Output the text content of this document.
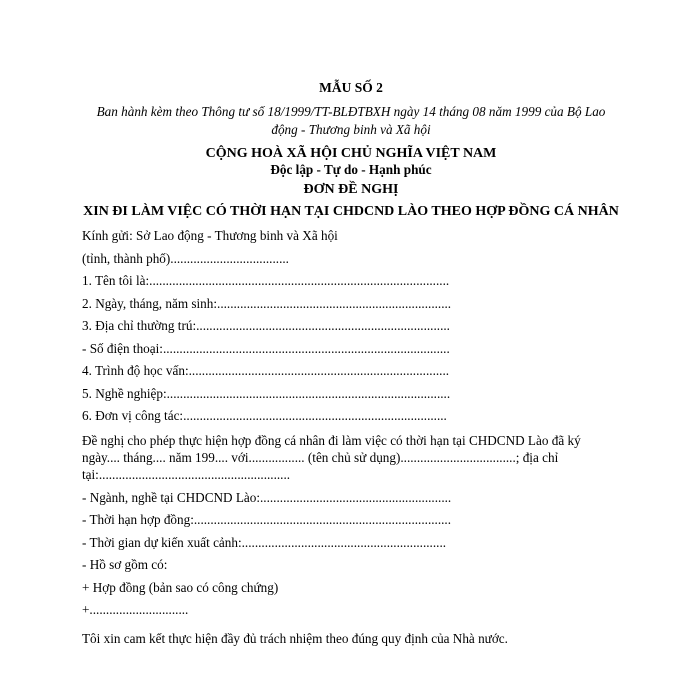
MẪU SỐ 2
Ban hành kèm theo Thông tư số 18/1999/TT-BLĐTBXH ngày 14 tháng 08 năm 1999 của Bộ Lao động - Thương binh và Xã hội
CỘNG HOÀ XÃ HỘI CHỦ NGHĨA VIỆT NAM
Độc lập - Tự do - Hạnh phúc
ĐƠN ĐỀ NGHỊ
XIN ĐI LÀM VIỆC CÓ THỜI HẠN TẠI CHDCND LÀO THEO HỢP ĐỒNG CÁ NHÂN
Kính gửi: Sở Lao động - Thương binh và Xã hội
(tỉnh, thành phố)....................................
1. Tên tôi là:...........................................................................................
2. Ngày, tháng, năm sinh:.......................................................................
3. Địa chỉ thường trú:.............................................................................
- Số điện thoại:.......................................................................................
4. Trình độ học vấn:...............................................................................
5. Nghề nghiệp:......................................................................................
6. Đơn vị công tác:................................................................................
Đề nghị cho phép thực hiện hợp đồng cá nhân đi làm việc có thời hạn tại CHDCND Lào đã ký ngày.... tháng.... năm 199.... với................. (tên chủ sử dụng)...................................; địa chỉ tại:..........................................................
- Ngành, nghề tại CHDCND Lào:..........................................................
- Thời hạn hợp đồng:..............................................................................
- Thời gian dự kiến xuất cảnh:..............................................................
- Hồ sơ gồm có:
+ Hợp đồng (bản sao có công chứng)
+..............................
Tôi xin cam kết thực hiện đầy đủ trách nhiệm theo đúng quy định của Nhà nước.
